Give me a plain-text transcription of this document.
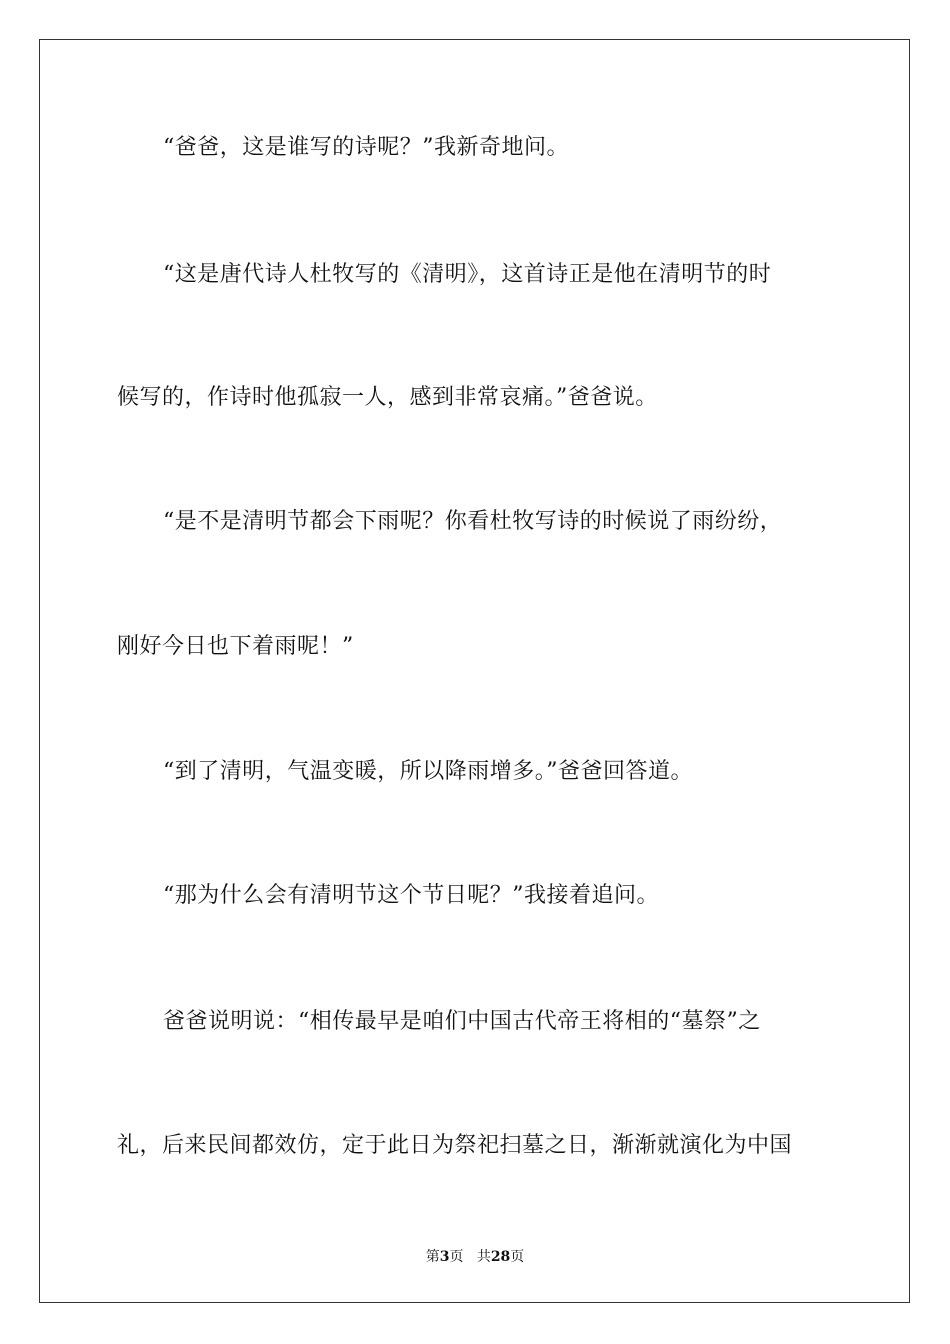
“爸爸，这是谁写的诗呢？”我新奇地问。
“这是唐代诗人杜牧写的《清明》，这首诗正是他在清明节的时
候写的，作诗时他孤寂一人，感到非常哀痛。”爸爸说。
“是不是清明节都会下雨呢？你看杜牧写诗的时候说了雨纷纷，
刚好今日也下着雨呢！”
“到了清明，气温变暖，所以降雨增多。”爸爸回答道。
“那为什么会有清明节这个节日呢？”我接着追问。
爸爸说明说：“相传最早是咱们中国古代帝王将相的“墓祭”之
礼，后来民间都效仿，定于此日为祭祀扫墓之日，渐渐就演化为中国
第3页 共28页
